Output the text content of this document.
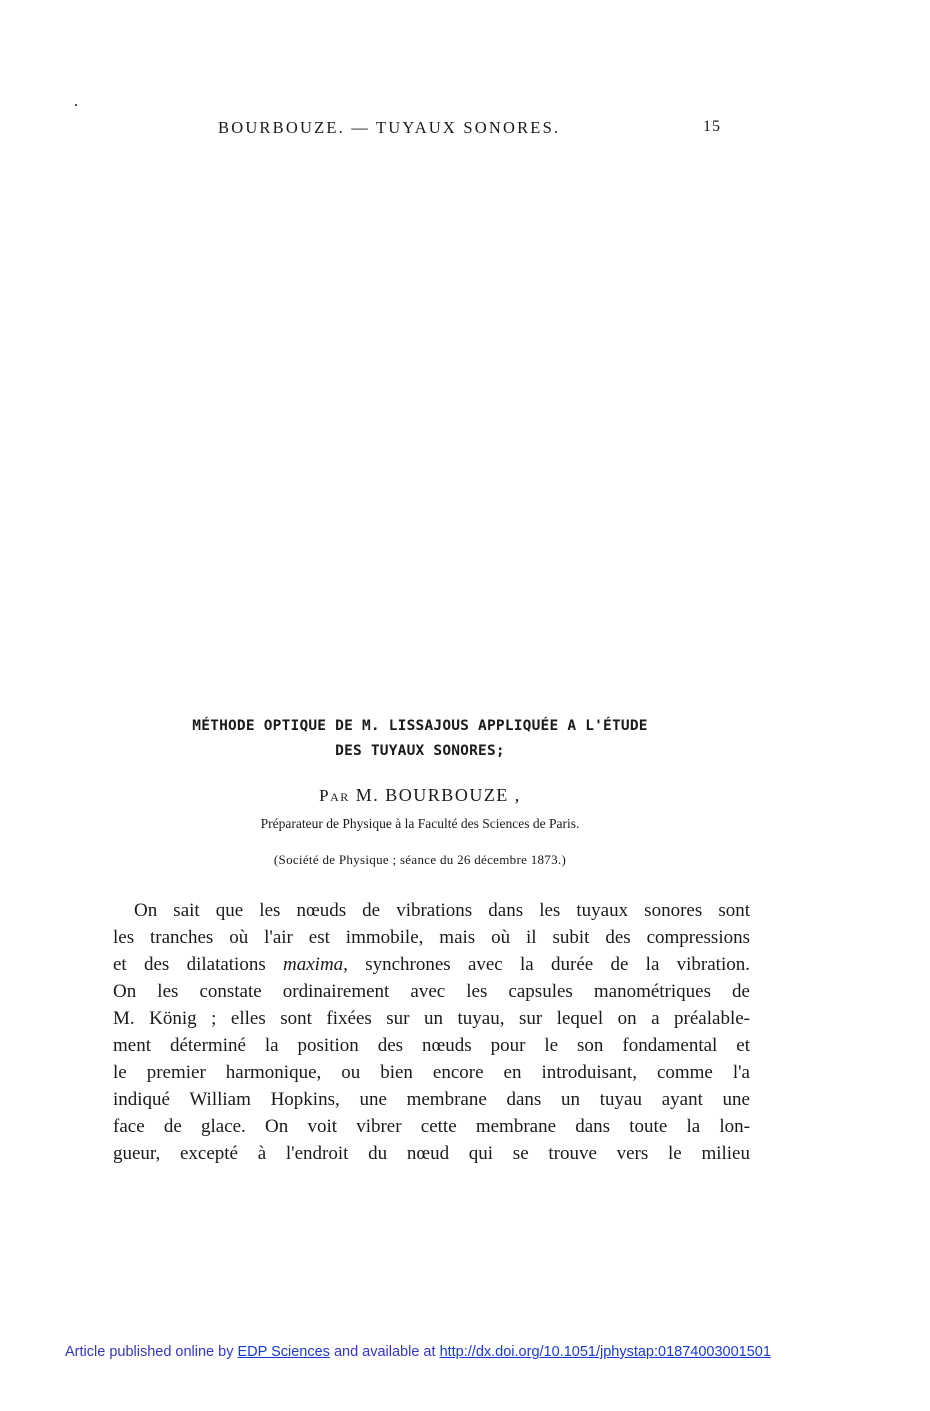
BOURBOUZE. — TUYAUX SONORES.	15
MÉTHODE OPTIQUE DE M. LISSAJOUS APPLIQUÉE A L'ÉTUDE
DES TUYAUX SONORES;
Par M. BOURBOUZE ,
Préparateur de Physique à la Faculté des Sciences de Paris.
(Société de Physique ; séance du 26 décembre 1873.)
On sait que les nœuds de vibrations dans les tuyaux sonores sont
les tranches où l'air est immobile, mais où il subit des compressions
et des dilatations maxima, synchrones avec la durée de la vibration.
On les constate ordinairement avec les capsules manométriques de
M. König ; elles sont fixées sur un tuyau, sur lequel on a préalable-
ment déterminé la position des nœuds pour le son fondamental et
le premier harmonique, ou bien encore en introduisant, comme l'a
indiqué William Hopkins, une membrane dans un tuyau ayant une
face de glace. On voit vibrer cette membrane dans toute la lon-
gueur, excepté à l'endroit du nœud qui se trouve vers le milieu
Article published online by EDP Sciences and available at http://dx.doi.org/10.1051/jphystap:01874003001501
